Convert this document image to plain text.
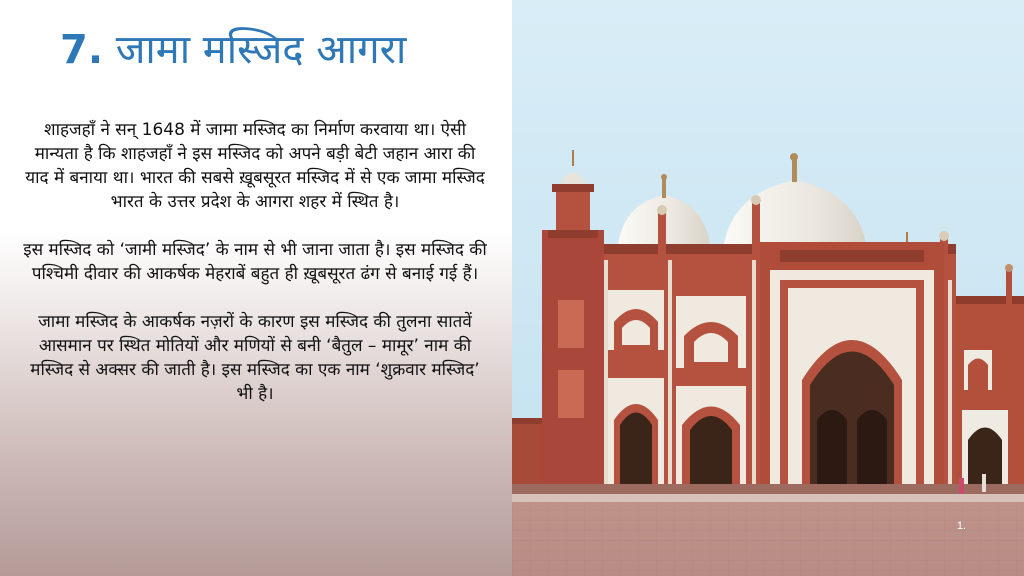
7. जामा मस्जिद आगरा

शाहजहाँ ने सन् 1648 में जामा मस्जिद का निर्माण करवाया था। ऐसी मान्यता है कि शाहजहाँ ने इस मस्जिद को अपने बड़ी बेटी जहान आरा की याद में बनाया था। भारत की सबसे ख़ूबसूरत मस्जिद में से एक जामा मस्जिद भारत के उत्तर प्रदेश के आगरा शहर में स्थित है।

इस मस्जिद को ‘जामी मस्जिद’ के नाम से भी जाना जाता है। इस मस्जिद की पश्चिमी दीवार की आकर्षक मेहराबें बहुत ही ख़ूबसूरत ढंग से बनाई गई हैं।

जामा मस्जिद के आकर्षक नज़रों के कारण इस मस्जिद की तुलना सातवें आसमान पर स्थित मोतियों और मणियों से बनी ‘बैतुल – मामूर’ नाम की मस्जिद से अक्सर की जाती है। इस मस्जिद का एक नाम ‘शुक्रवार मस्जिद’ भी है।

1.
